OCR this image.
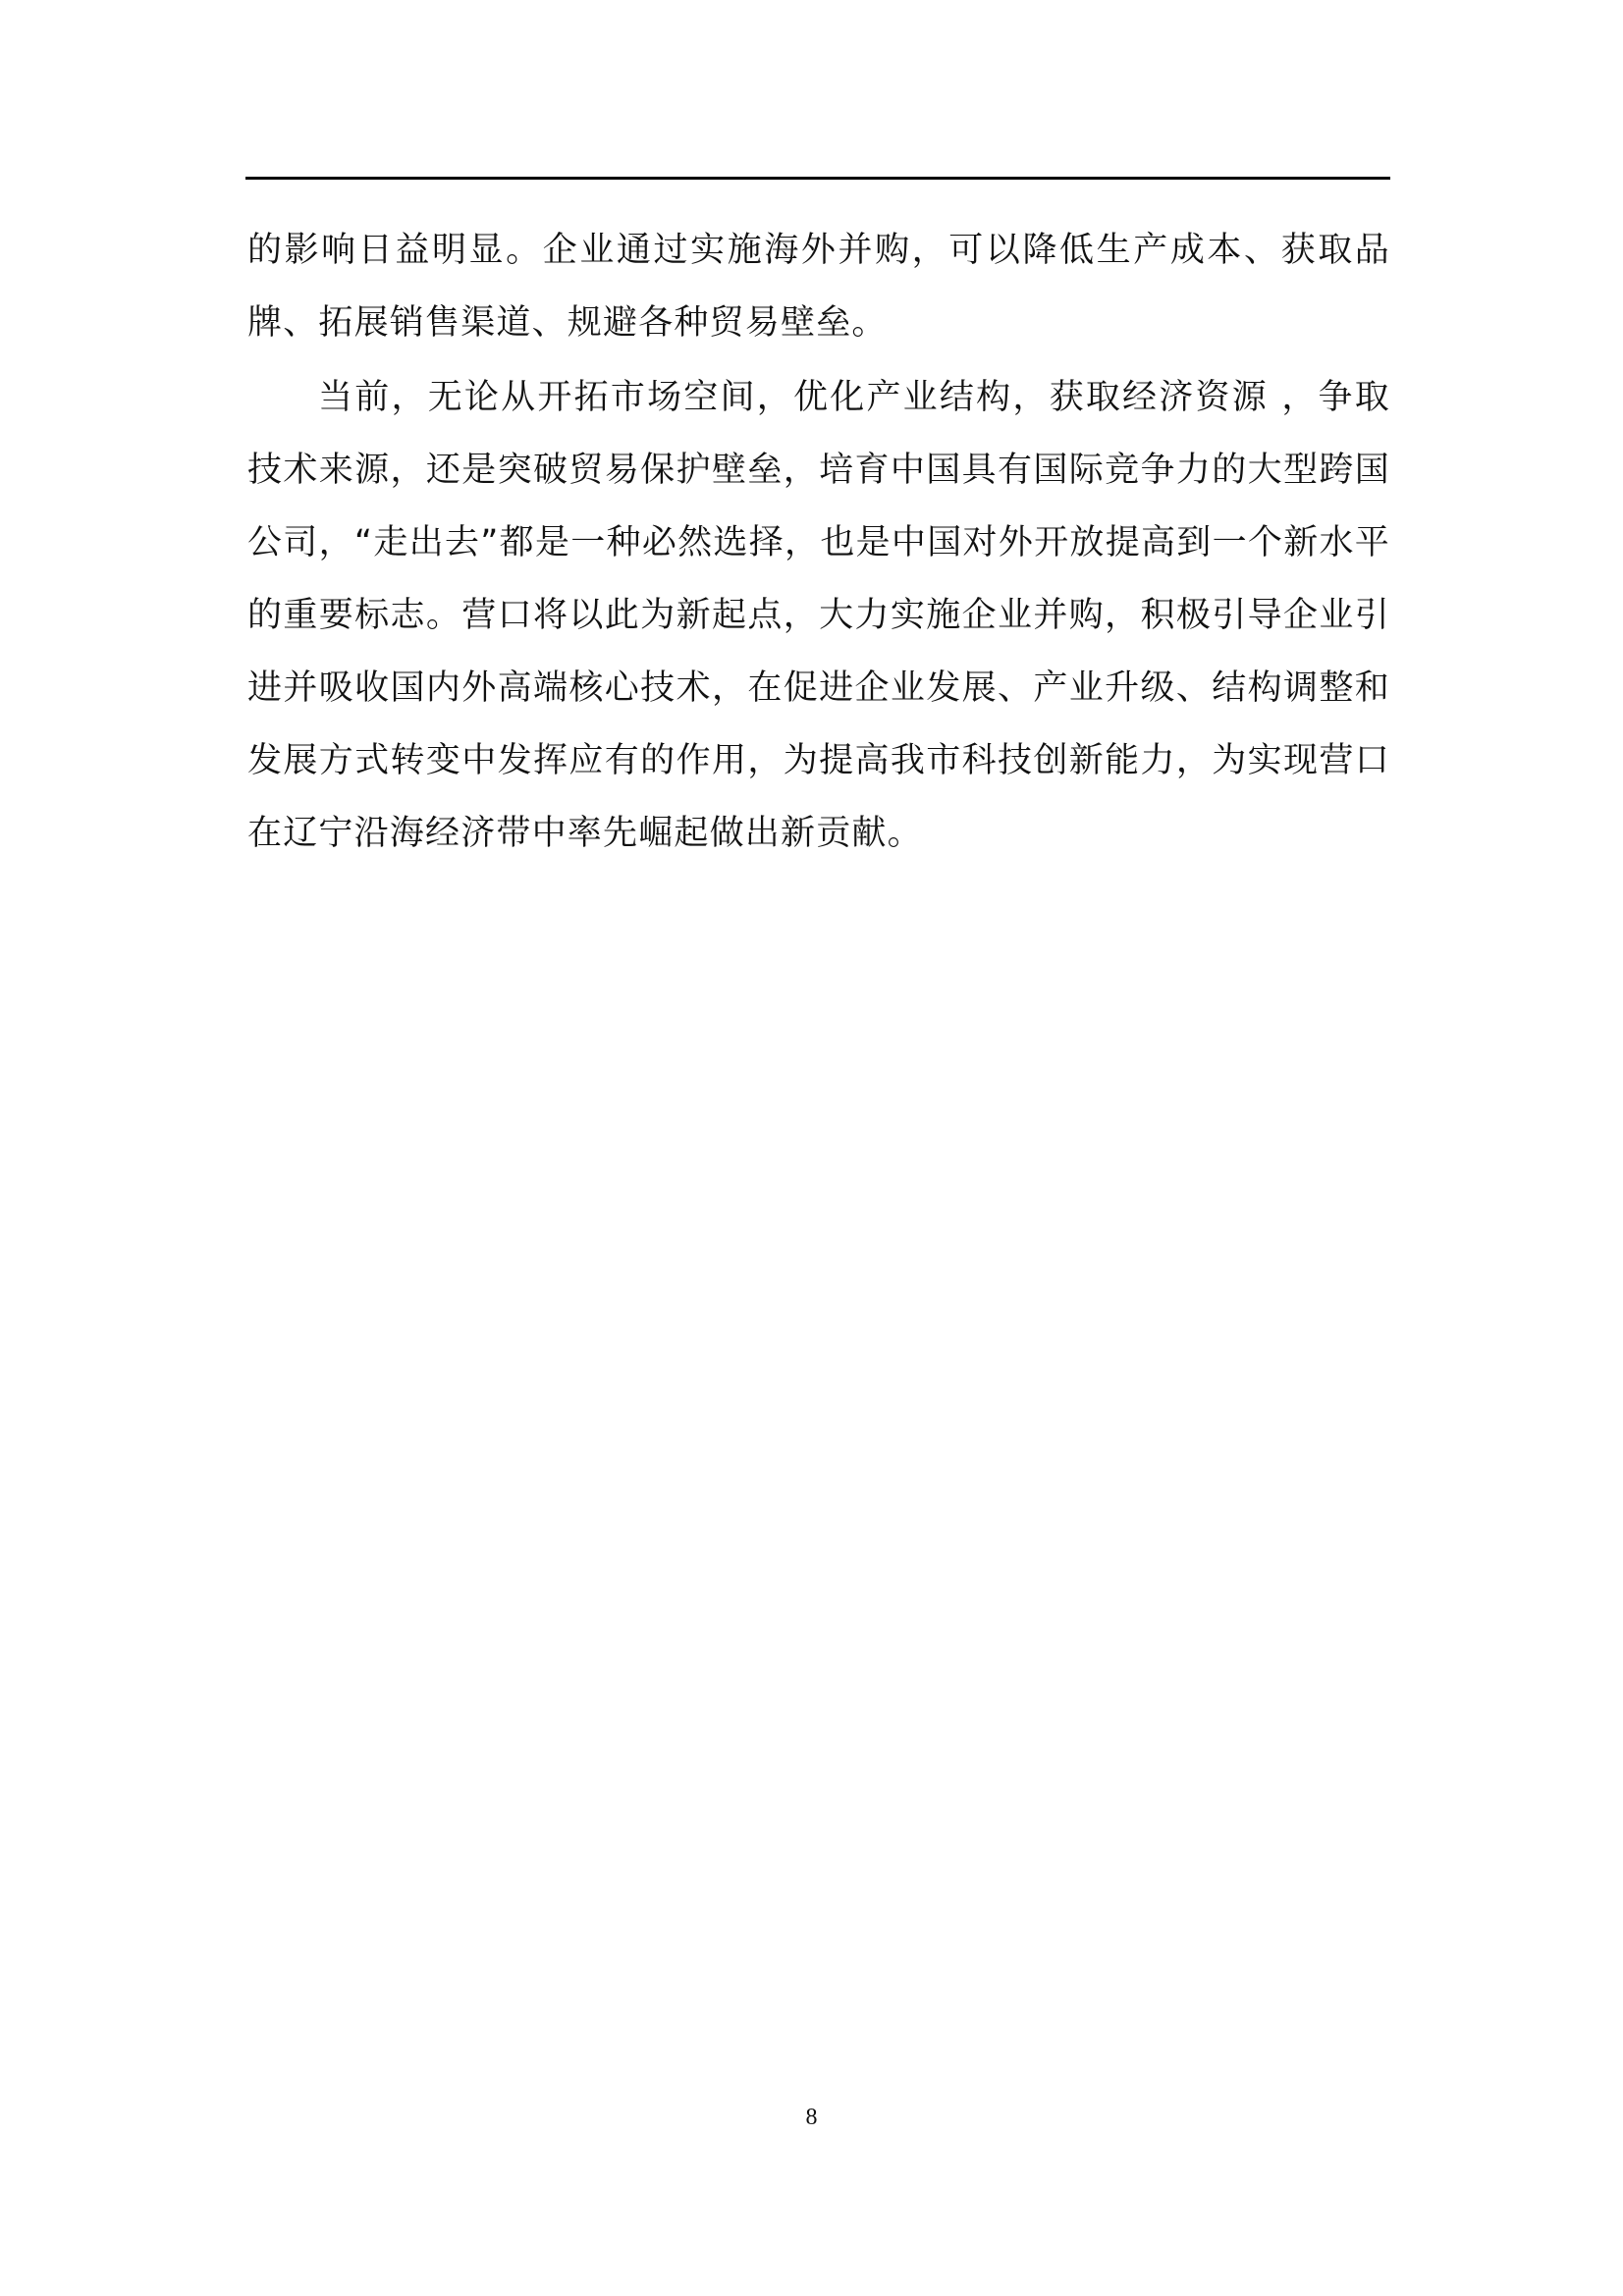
的影响日益明显。企业通过实施海外并购，可以降低生产成本、获取品牌、拓展销售渠道、规避各种贸易壁垒。

当前，无论从开拓市场空间，优化产业结构，获取经济资源 ，争取技术来源，还是突破贸易保护壁垒，培育中国具有国际竞争力的大型跨国公司，“走出去”都是一种必然选择，也是中国对外开放提高到一个新水平的重要标志。营口将以此为新起点，大力实施企业并购，积极引导企业引进并吸收国内外高端核心技术，在促进企业发展、产业升级、结构调整和发展方式转变中发挥应有的作用，为提高我市科技创新能力，为实现营口在辽宁沿海经济带中率先崛起做出新贡献。

8
